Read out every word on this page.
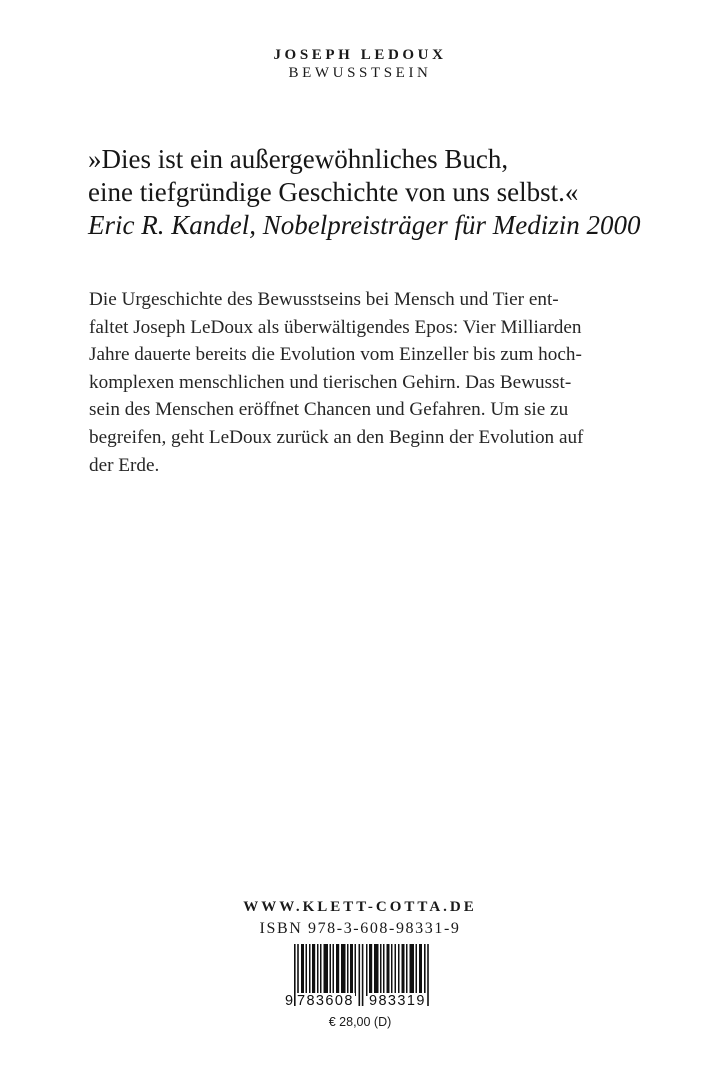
JOSEPH LEDOUX
BEWUSSTSEIN
»Dies ist ein außergewöhnliches Buch,
eine tiefgründige Geschichte von uns selbst.«
Eric R. Kandel, Nobelpreisträger für Medizin 2000
Die Urgeschichte des Bewusstseins bei Mensch und Tier ent-
faltet Joseph LeDoux als überwältigendes Epos: Vier Milliarden
Jahre dauerte bereits die Evolution vom Einzeller bis zum hoch-
komplexen menschlichen und tierischen Gehirn. Das Bewusst-
sein des Menschen eröffnet Chancen und Gefahren. Um sie zu
begreifen, geht LeDoux zurück an den Beginn der Evolution auf
der Erde.
WWW.KLETT-COTTA.DE
ISBN 978-3-608-98331-9
9 783608 983319
€ 28,00 (D)
